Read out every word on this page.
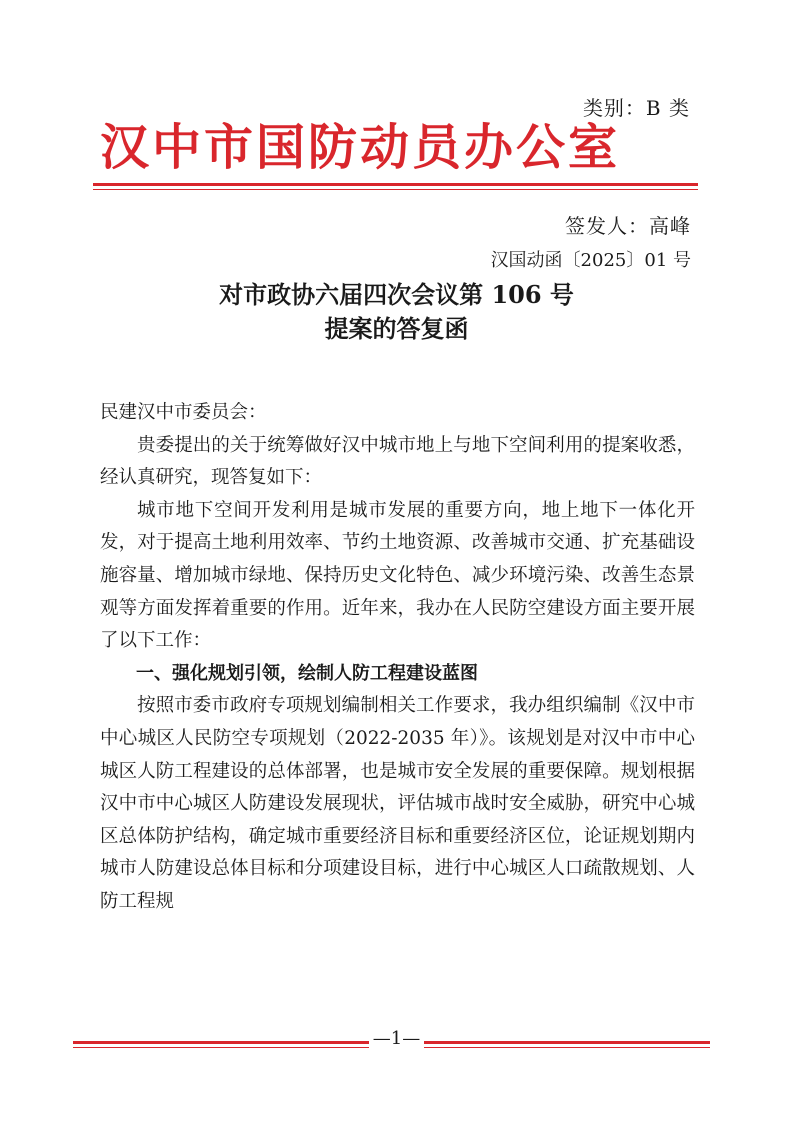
类别：B 类
汉中市国防动员办公室
签发人：高峰
汉国动函〔2025〕01 号
对市政协六届四次会议第 106 号
提案的答复函

民建汉中市委员会：

贵委提出的关于统筹做好汉中城市地上与地下空间利用的提案收悉，经认真研究，现答复如下：

城市地下空间开发利用是城市发展的重要方向，地上地下一体化开发，对于提高土地利用效率、节约土地资源、改善城市交通、扩充基础设施容量、增加城市绿地、保持历史文化特色、减少环境污染、改善生态景观等方面发挥着重要的作用。近年来，我办在人民防空建设方面主要开展了以下工作：

一、强化规划引领，绘制人防工程建设蓝图

按照市委市政府专项规划编制相关工作要求，我办组织编制《汉中市中心城区人民防空专项规划（2022-2035 年）》。该规划是对汉中市中心城区人防工程建设的总体部署，也是城市安全发展的重要保障。规划根据汉中市中心城区人防建设发展现状，评估城市战时安全威胁，研究中心城区总体防护结构，确定城市重要经济目标和重要经济区位，论证规划期内城市人防建设总体目标和分项建设目标，进行中心城区人口疏散规划、人防工程规

—1—
